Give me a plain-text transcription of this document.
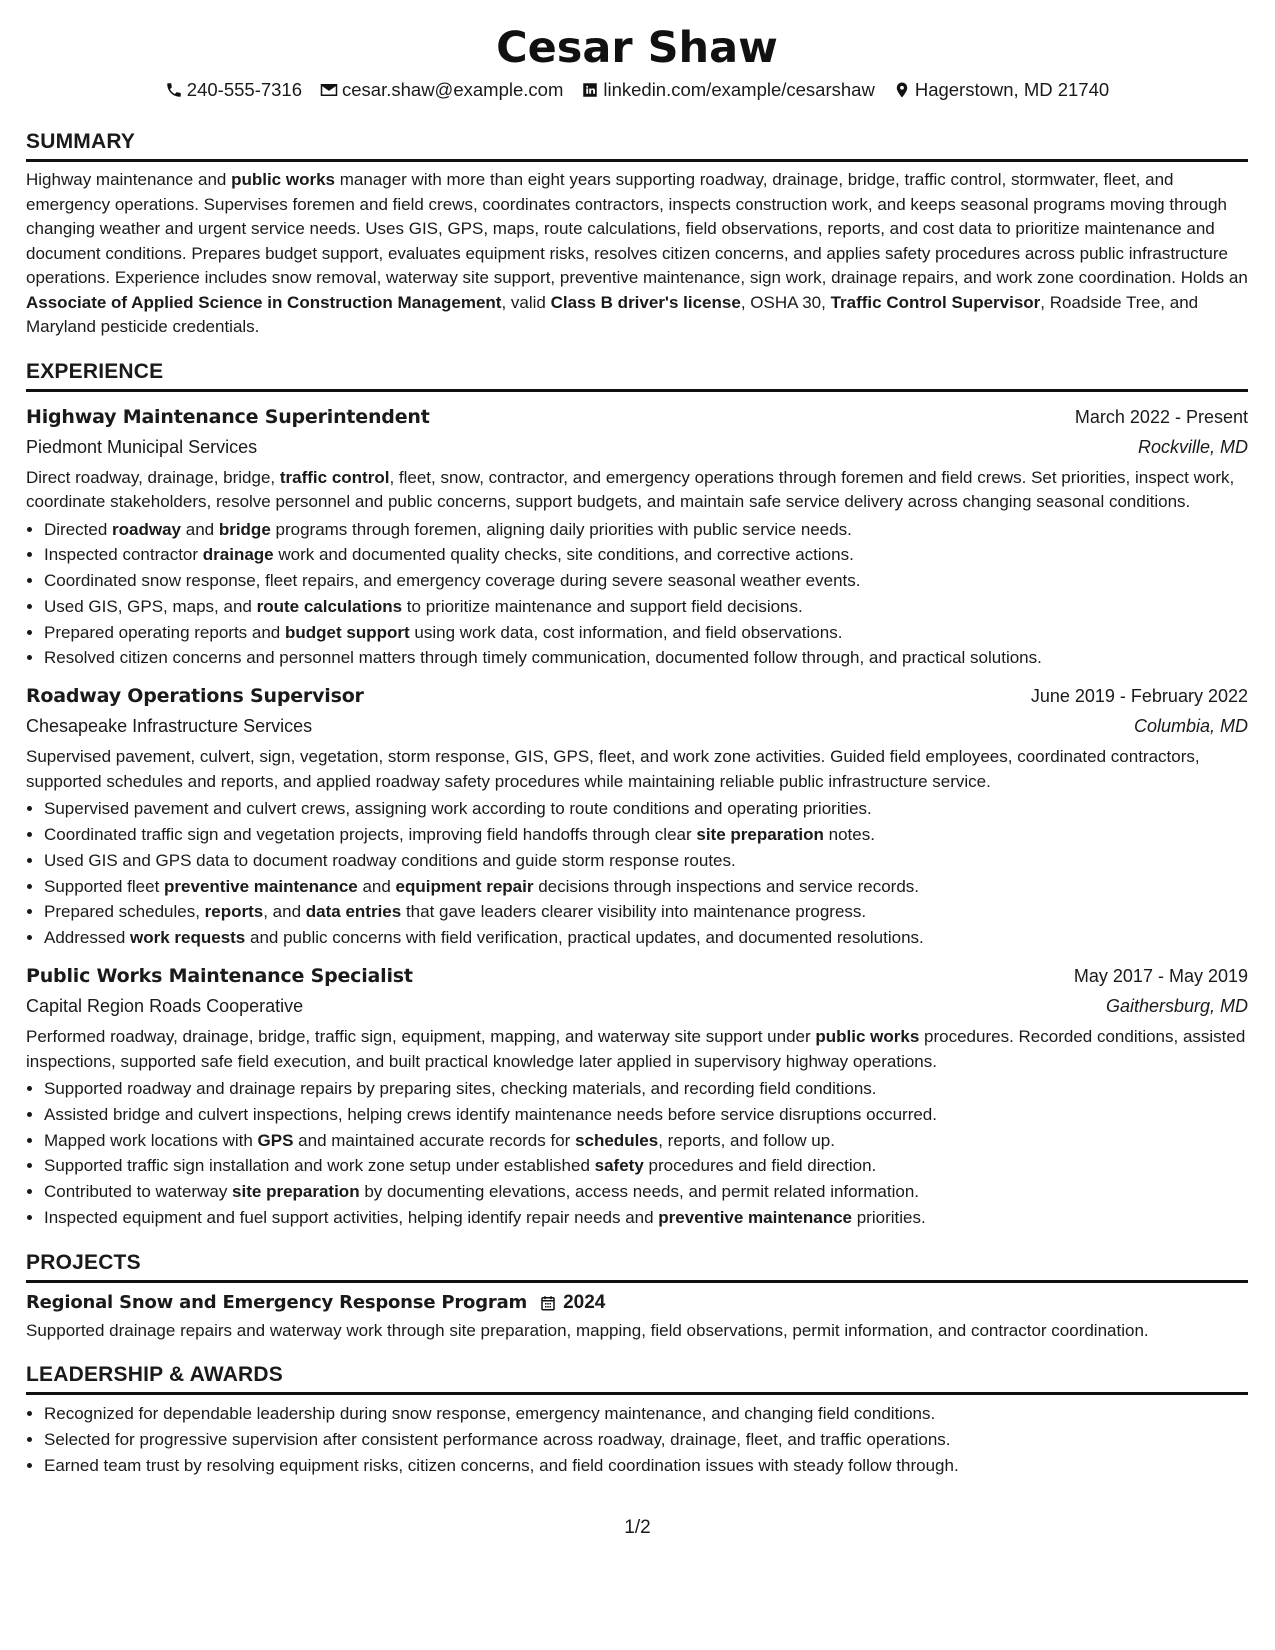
Cesar Shaw
240-555-7316 cesar.shaw@example.com linkedin.com/example/cesarshaw Hagerstown, MD 21740
SUMMARY

Highway maintenance and public works manager with more than eight years supporting roadway, drainage, bridge, traffic control, stormwater, fleet, and emergency operations. Supervises foremen and field crews, coordinates contractors, inspects construction work, and keeps seasonal programs moving through changing weather and urgent service needs. Uses GIS, GPS, maps, route calculations, field observations, reports, and cost data to prioritize maintenance and document conditions. Prepares budget support, evaluates equipment risks, resolves citizen concerns, and applies safety procedures across public infrastructure operations. Experience includes snow removal, waterway site support, preventive maintenance, sign work, drainage repairs, and work zone coordination. Holds an Associate of Applied Science in Construction Management, valid Class B driver's license, OSHA 30, Traffic Control Supervisor, Roadside Tree, and Maryland pesticide credentials.

EXPERIENCE
Highway Maintenance Superintendent	March 2022 - Present
Piedmont Municipal Services	Rockville, MD

Direct roadway, drainage, bridge, traffic control, fleet, snow, contractor, and emergency operations through foremen and field crews. Set priorities, inspect work, coordinate stakeholders, resolve personnel and public concerns, support budgets, and maintain safe service delivery across changing seasonal conditions.

• Directed roadway and bridge programs through foremen, aligning daily priorities with public service needs.
• Inspected contractor drainage work and documented quality checks, site conditions, and corrective actions.
• Coordinated snow response, fleet repairs, and emergency coverage during severe seasonal weather events.
• Used GIS, GPS, maps, and route calculations to prioritize maintenance and support field decisions.
• Prepared operating reports and budget support using work data, cost information, and field observations.
• Resolved citizen concerns and personnel matters through timely communication, documented follow through, and practical solutions.
Roadway Operations Supervisor	June 2019 - February 2022
Chesapeake Infrastructure Services	Columbia, MD

Supervised pavement, culvert, sign, vegetation, storm response, GIS, GPS, fleet, and work zone activities. Guided field employees, coordinated contractors, supported schedules and reports, and applied roadway safety procedures while maintaining reliable public infrastructure service.

• Supervised pavement and culvert crews, assigning work according to route conditions and operating priorities.
• Coordinated traffic sign and vegetation projects, improving field handoffs through clear site preparation notes.
• Used GIS and GPS data to document roadway conditions and guide storm response routes.
• Supported fleet preventive maintenance and equipment repair decisions through inspections and service records.
• Prepared schedules, reports, and data entries that gave leaders clearer visibility into maintenance progress.
• Addressed work requests and public concerns with field verification, practical updates, and documented resolutions.
Public Works Maintenance Specialist	May 2017 - May 2019
Capital Region Roads Cooperative	Gaithersburg, MD

Performed roadway, drainage, bridge, traffic sign, equipment, mapping, and waterway site support under public works procedures. Recorded conditions, assisted inspections, supported safe field execution, and built practical knowledge later applied in supervisory highway operations.

• Supported roadway and drainage repairs by preparing sites, checking materials, and recording field conditions.
• Assisted bridge and culvert inspections, helping crews identify maintenance needs before service disruptions occurred.
• Mapped work locations with GPS and maintained accurate records for schedules, reports, and follow up.
• Supported traffic sign installation and work zone setup under established safety procedures and field direction.
• Contributed to waterway site preparation by documenting elevations, access needs, and permit related information.
• Inspected equipment and fuel support activities, helping identify repair needs and preventive maintenance priorities.
PROJECTS
Regional Snow and Emergency Response Program 2024

Supported drainage repairs and waterway work through site preparation, mapping, field observations, permit information, and contractor coordination.

LEADERSHIP & AWARDS
• Recognized for dependable leadership during snow response, emergency maintenance, and changing field conditions.
• Selected for progressive supervision after consistent performance across roadway, drainage, fleet, and traffic operations.
• Earned team trust by resolving equipment risks, citizen concerns, and field coordination issues with steady follow through.
1/2
